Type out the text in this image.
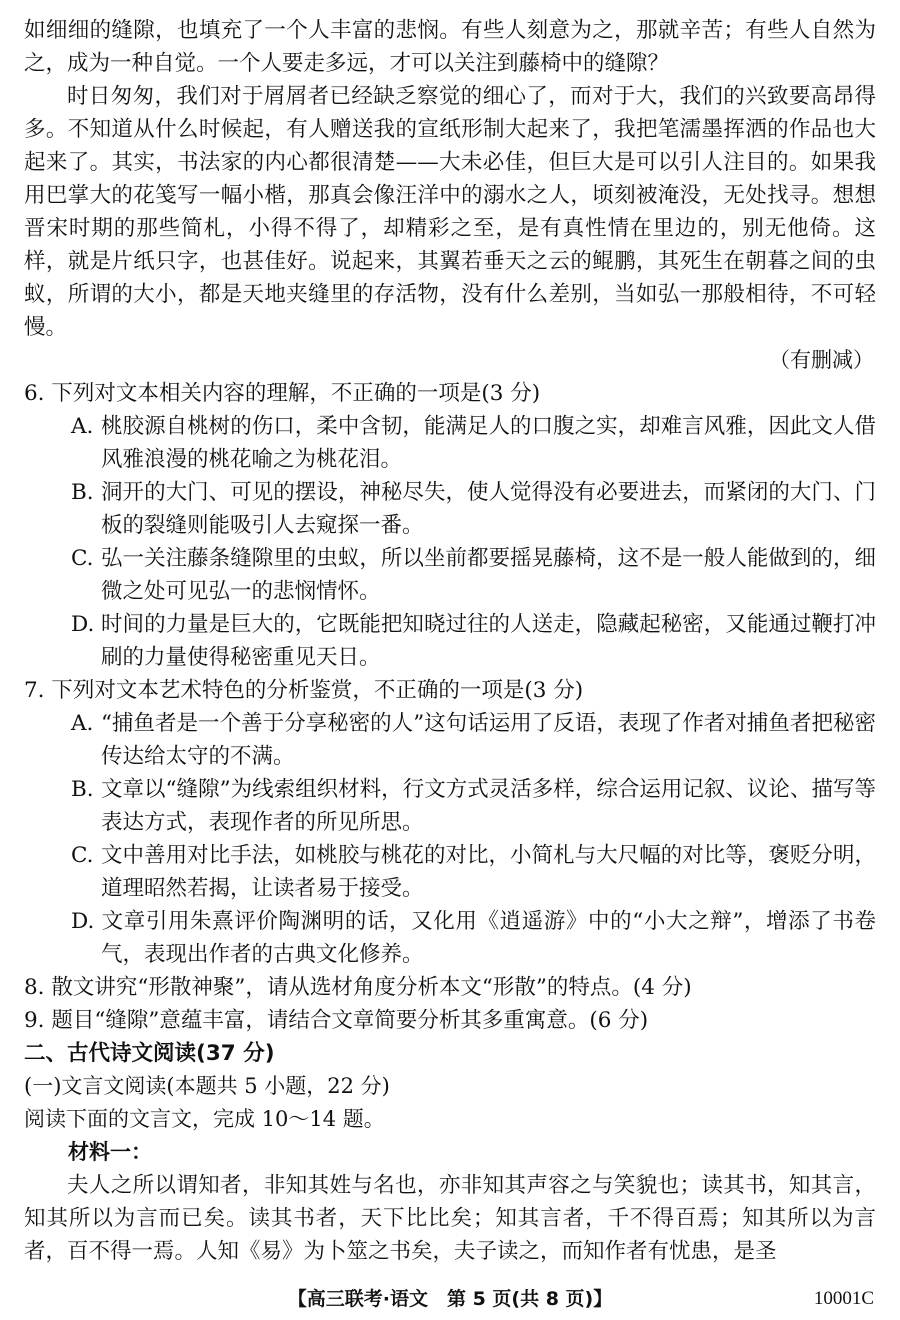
如细细的缝隙，也填充了一个人丰富的悲悯。有些人刻意为之，那就辛苦；有些人自然为之，成为一种自觉。一个人要走多远，才可以关注到藤椅中的缝隙？

时日匆匆，我们对于屑屑者已经缺乏察觉的细心了，而对于大，我们的兴致要高昂得多。不知道从什么时候起，有人赠送我的宣纸形制大起来了，我把笔濡墨挥洒的作品也大起来了。其实，书法家的内心都很清楚——大未必佳，但巨大是可以引人注目的。如果我用巴掌大的花笺写一幅小楷，那真会像汪洋中的溺水之人，顷刻被淹没，无处找寻。想想晋宋时期的那些简札，小得不得了，却精彩之至，是有真性情在里边的，别无他倚。这样，就是片纸只字，也甚佳好。说起来，其翼若垂天之云的鲲鹏，其死生在朝暮之间的虫蚁，所谓的大小，都是天地夹缝里的存活物，没有什么差别，当如弘一那般相待，不可轻慢。

（有删减）

6. 下列对文本相关内容的理解，不正确的一项是(3 分)

A. 桃胶源自桃树的伤口，柔中含韧，能满足人的口腹之实，却难言风雅，因此文人借风雅浪漫的桃花喻之为桃花泪。

B. 洞开的大门、可见的摆设，神秘尽失，使人觉得没有必要进去，而紧闭的大门、门板的裂缝则能吸引人去窥探一番。

C. 弘一关注藤条缝隙里的虫蚁，所以坐前都要摇晃藤椅，这不是一般人能做到的，细微之处可见弘一的悲悯情怀。

D. 时间的力量是巨大的，它既能把知晓过往的人送走，隐藏起秘密，又能通过鞭打冲刷的力量使得秘密重见天日。

7. 下列对文本艺术特色的分析鉴赏，不正确的一项是(3 分)

A. “捕鱼者是一个善于分享秘密的人”这句话运用了反语，表现了作者对捕鱼者把秘密传达给太守的不满。

B. 文章以“缝隙”为线索组织材料，行文方式灵活多样，综合运用记叙、议论、描写等表达方式，表现作者的所见所思。

C. 文中善用对比手法，如桃胶与桃花的对比，小简札与大尺幅的对比等，褒贬分明，道理昭然若揭，让读者易于接受。

D. 文章引用朱熹评价陶渊明的话，又化用《逍遥游》中的“小大之辩”，增添了书卷气，表现出作者的古典文化修养。

8. 散文讲究“形散神聚”，请从选材角度分析本文“形散”的特点。(4 分)

9. 题目“缝隙”意蕴丰富，请结合文章简要分析其多重寓意。(6 分)

二、古代诗文阅读(37 分)

(一)文言文阅读(本题共 5 小题，22 分)

阅读下面的文言文，完成 10～14 题。

材料一：

夫人之所以谓知者，非知其姓与名也，亦非知其声容之与笑貌也；读其书，知其言，知其所以为言而已矣。读其书者，天下比比矣；知其言者，千不得百焉；知其所以为言者，百不得一焉。人知《易》为卜筮之书矣，夫子读之，而知作者有忧患，是圣

【高三联考·语文　第 5 页(共 8 页)】	10001C
